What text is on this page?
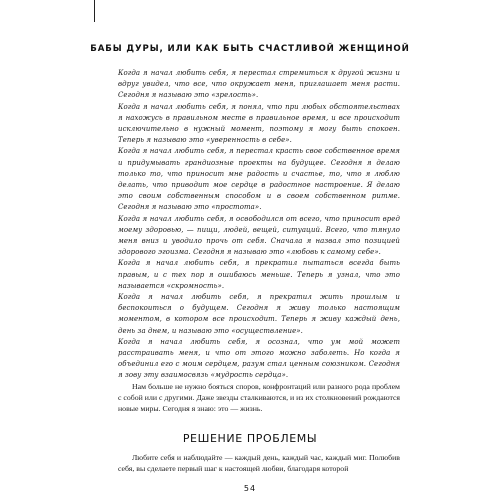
БАБЫ ДУРЫ, ИЛИ КАК БЫТЬ СЧАСТЛИВОЙ ЖЕНЩИНОЙ

Когда я начал любить себя, я перестал стремиться к другой жизни и вдруг увидел, что все, что окружает меня, приглашает меня расти. Сегодня я называю это «зрелость».

Когда я начал любить себя, я понял, что при любых обстоятельствах я нахожусь в правильном месте в правильное время, и все происходит исключительно в нужный момент, поэтому я могу быть спокоен. Теперь я называю это «уверенность в себе».

Когда я начал любить себя, я перестал красть свое собственное время и придумывать грандиозные проекты на будущее. Сегодня я делаю только то, что приносит мне радость и счастье, то, что я люблю делать, что приводит мое сердце в радостное настроение. Я делаю это своим собственным способом и в своем собственном ритме. Сегодня я называю это «простота».

Когда я начал любить себя, я освободился от всего, что приносит вред моему здоровью, — пищи, людей, вещей, ситуаций. Всего, что тянуло меня вниз и уводило прочь от себя. Сначала я назвал это позицией здорового эгоизма. Сегодня я называю это «любовь к самому себе».

Когда я начал любить себя, я прекратил пытаться всегда быть правым, и с тех пор я ошибаюсь меньше. Теперь я узнал, что это называется «скромность».

Когда я начал любить себя, я прекратил жить прошлым и беспокоиться о будущем. Сегодня я живу только настоящим моментом, в котором все происходит. Теперь я живу каждый день, день за днем, и называю это «осуществление».

Когда я начал любить себя, я осознал, что ум мой может расстраивать меня, и что от этого можно заболеть. Но когда я объединил его с моим сердцем, разум стал ценным союзником. Сегодня я зову эту взаимосвязь «мудрость сердца».

Нам больше не нужно бояться споров, конфронтаций или разного рода проблем с собой или с другими. Даже звезды сталкиваются, и из их столкновений рождаются новые миры. Сегодня я знаю: это — жизнь.

РЕШЕНИЕ ПРОБЛЕМЫ

Любите себя и наблюдайте — каждый день, каждый час, каждый миг. Полюбив себя, вы сделаете первый шаг к настоящей любви, благодаря которой

54
